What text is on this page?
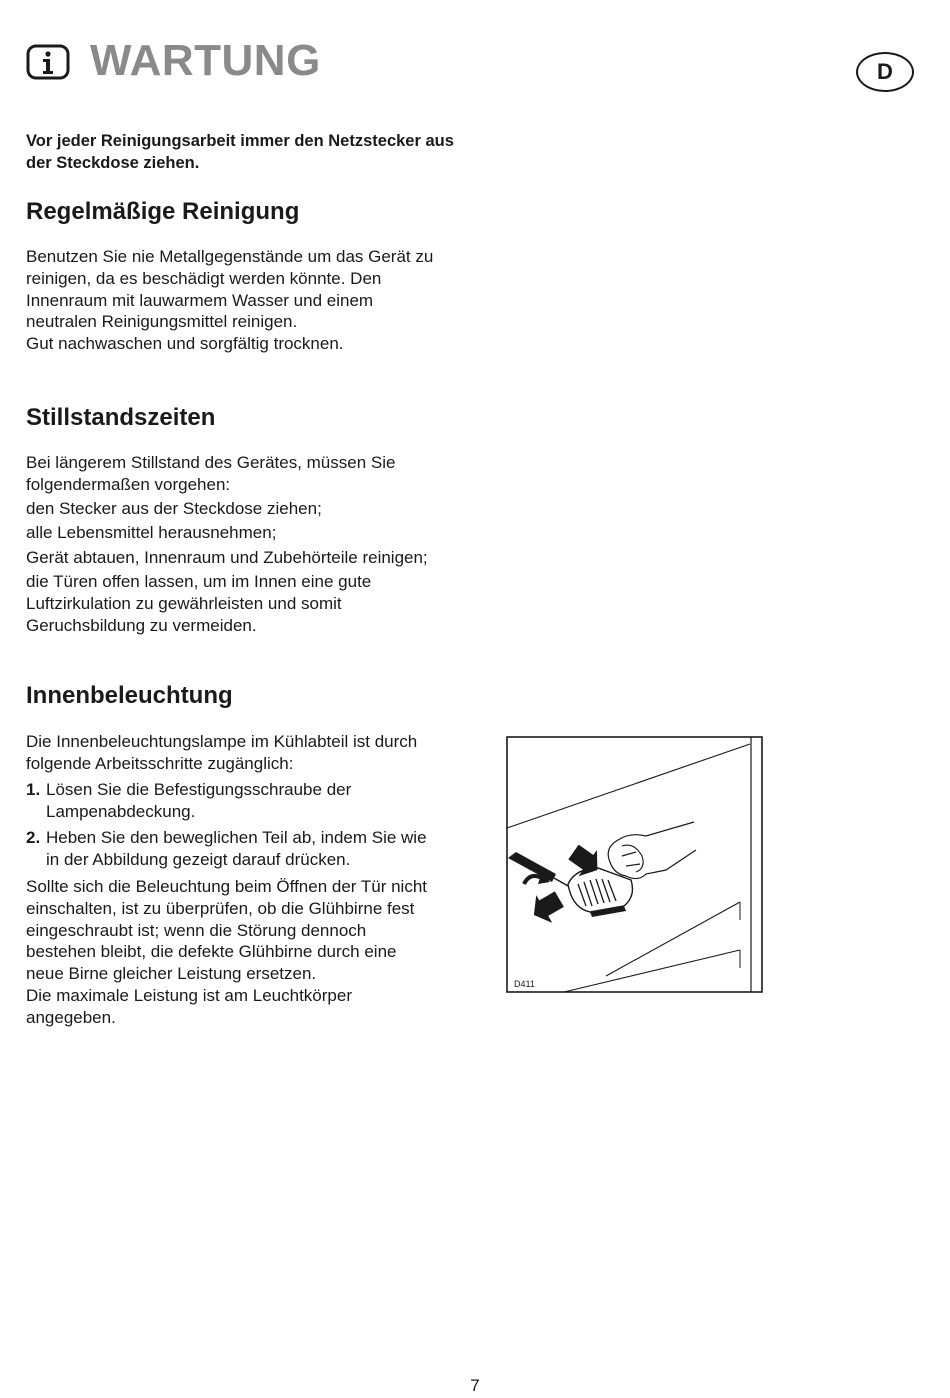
WARTUNG	D

Vor jeder Reinigungsarbeit immer den Netzstecker aus der Steckdose ziehen.

Regelmäßige Reinigung

Benutzen Sie nie Metallgegenstände um das Gerät zu
reinigen, da es beschädigt werden könnte. Den
Innenraum mit lauwarmem Wasser und einem
neutralen Reinigungsmittel reinigen.
Gut nachwaschen und sorgfältig trocknen.

Stillstandszeiten

Bei längerem Stillstand des Gerätes, müssen Sie
folgendermaßen vorgehen:

den Stecker aus der Steckdose ziehen;

alle Lebensmittel herausnehmen;

Gerät abtauen, Innenraum und Zubehörteile reinigen;

die Türen offen lassen, um im Innen eine gute
Luftzirkulation zu gewährleisten und somit
Geruchsbildung zu vermeiden.

Innenbeleuchtung

Die Innenbeleuchtungslampe im Kühlabteil ist durch
folgende Arbeitsschritte zugänglich:

1. Lösen Sie die Befestigungsschraube der
Lampenabdeckung.
2. Heben Sie den beweglichen Teil ab, indem Sie wie
in der Abbildung gezeigt darauf drücken.

Sollte sich die Beleuchtung beim Öffnen der Tür nicht
einschalten, ist zu überprüfen, ob die Glühbirne fest
eingeschraubt ist; wenn die Störung dennoch
bestehen bleibt, die defekte Glühbirne durch eine
neue Birne gleicher Leistung ersetzen.
Die maximale Leistung ist am Leuchtkörper
angegeben.

D411
7
